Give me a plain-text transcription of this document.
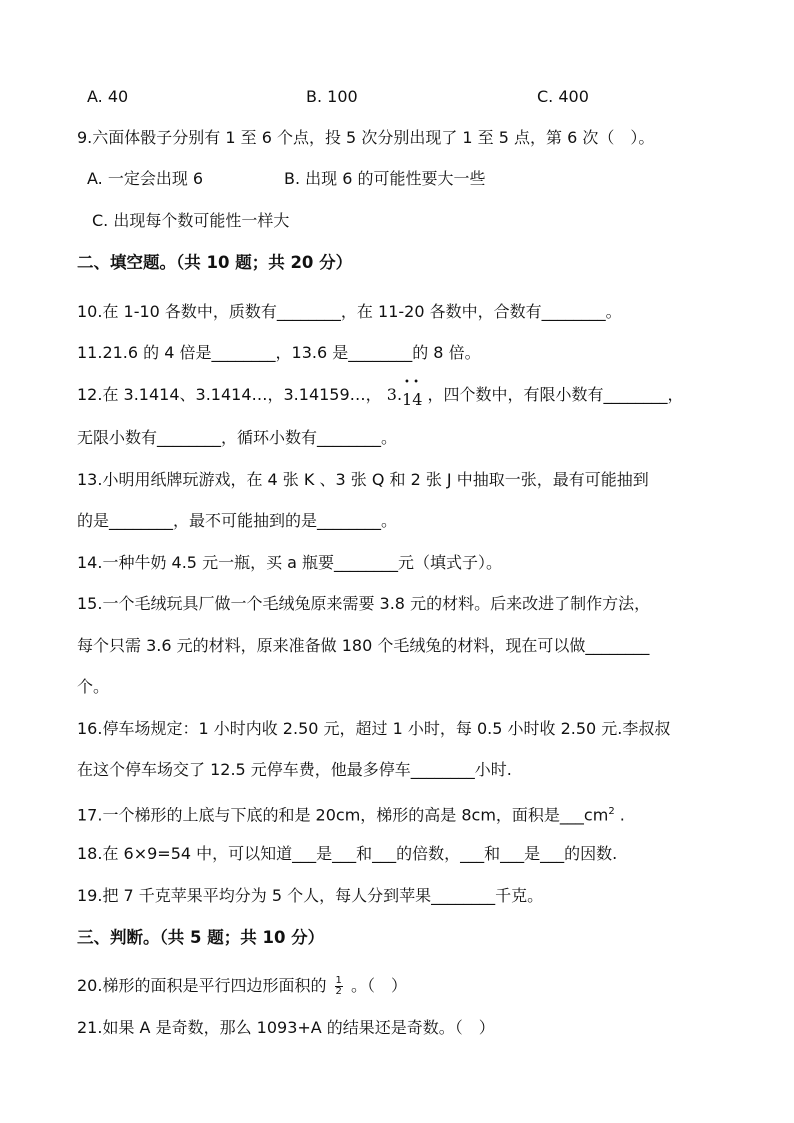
A. 40	B. 100	C. 400
9.六面体骰子分别有 1 至 6 个点，投 5 次分别出现了 1 至 5 点，第 6 次（　）。
A. 一定会出现 6	B. 出现 6 的可能性要大一些
C. 出现每个数可能性一样大
二、填空题。（共 10 题；共 20 分）
10.在 1-10 各数中，质数有________，在 11-20 各数中，合数有________。
11.21.6 的 4 倍是________，13.6 是________的 8 倍。
12.在 3.1414、3.1414…，3.14159…， 3.
• •
14 ，四个数中，有限小数有________，
无限小数有________，循环小数有________。
13.小明用纸牌玩游戏，在 4 张 K 、3 张 Q 和 2 张 J 中抽取一张，最有可能抽到
的是________，最不可能抽到的是________。
14.一种牛奶 4.5 元一瓶，买 a 瓶要________元（填式子）。
15.一个毛绒玩具厂做一个毛绒兔原来需要 3.8 元的材料。后来改进了制作方法，
每个只需 3.6 元的材料，原来准备做 180 个毛绒兔的材料，现在可以做________
个。
16.停车场规定：1 小时内收 2.50 元，超过 1 小时，每 0.5 小时收 2.50 元.李叔叔
在这个停车场交了 12.5 元停车费，他最多停车________小时.
17.一个梯形的上底与下底的和是 20cm，梯形的高是 8cm，面积是$\_\_\_cm^2$ .
18.在 6×9=54 中，可以知道___是___和___的倍数，___和___是___的因数.
19.把 7 千克苹果平均分为 5 个人，每人分到苹果________千克。
三、判断。（共 5 题；共 10 分）
20.梯形的面积是平行四边形面积的 $\frac{1}{2}$ 。（　）
21.如果 A 是奇数，那么 1093+A 的结果还是奇数。（　）
